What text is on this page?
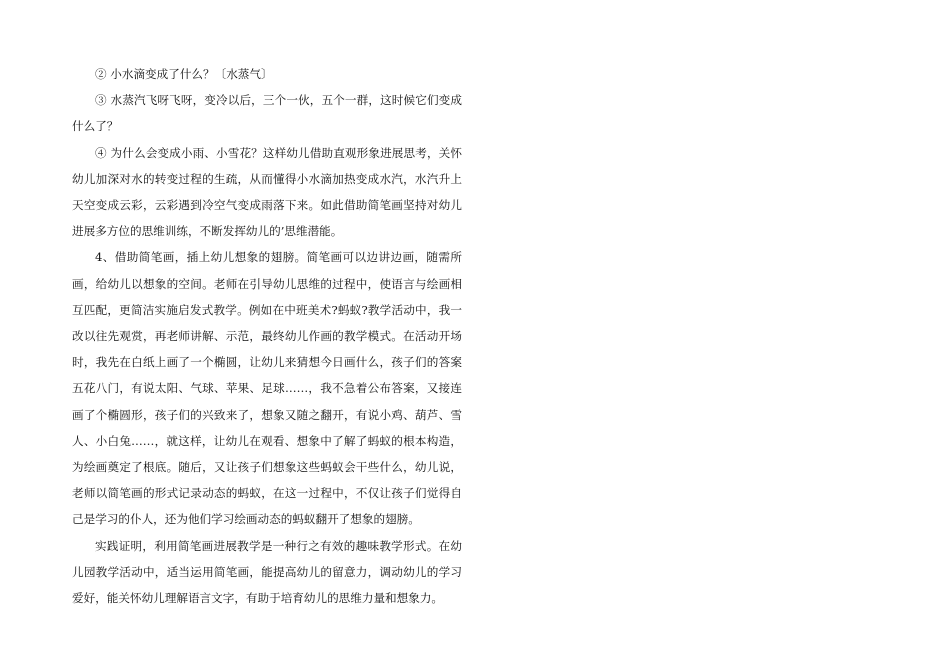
② 小水滴变成了什么？〔水蒸气〕

③ 水蒸汽飞呀飞呀，变冷以后，三个一伙，五个一群，这时候它们变成什么了？

④ 为什么会变成小雨、小雪花？这样幼儿借助直观形象进展思考，关怀幼儿加深对水的转变过程的生疏，从而懂得小水滴加热变成水汽，水汽升上天空变成云彩，云彩遇到冷空气变成雨落下来。如此借助简笔画坚持对幼儿进展多方位的思维训练，不断发挥幼儿的’思维潜能。

4、借助简笔画，插上幼儿想象的翅膀。简笔画可以边讲边画，随需所画，给幼儿以想象的空间。老师在引导幼儿思维的过程中，使语言与绘画相互匹配，更简洁实施启发式教学。例如在中班美术?蚂蚁?教学活动中，我一改以往先观赏，再老师讲解、示范，最终幼儿作画的教学模式。在活动开场时，我先在白纸上画了一个椭圆，让幼儿来猜想今日画什么，孩子们的答案五花八门，有说太阳、气球、苹果、足球……，我不急着公布答案，又接连画了个椭圆形，孩子们的兴致来了，想象又随之翻开，有说小鸡、葫芦、雪人、小白兔……，就这样，让幼儿在观看、想象中了解了蚂蚁的根本构造，为绘画奠定了根底。随后，又让孩子们想象这些蚂蚁会干些什么，幼儿说，老师以简笔画的形式记录动态的蚂蚁，在这一过程中，不仅让孩子们觉得自己是学习的仆人，还为他们学习绘画动态的蚂蚁翻开了想象的翅膀。

实践证明，利用简笔画进展教学是一种行之有效的趣味教学形式。在幼儿园教学活动中，适当运用简笔画，能提高幼儿的留意力，调动幼儿的学习爱好，能关怀幼儿理解语言文字，有助于培育幼儿的思维力量和想象力。
